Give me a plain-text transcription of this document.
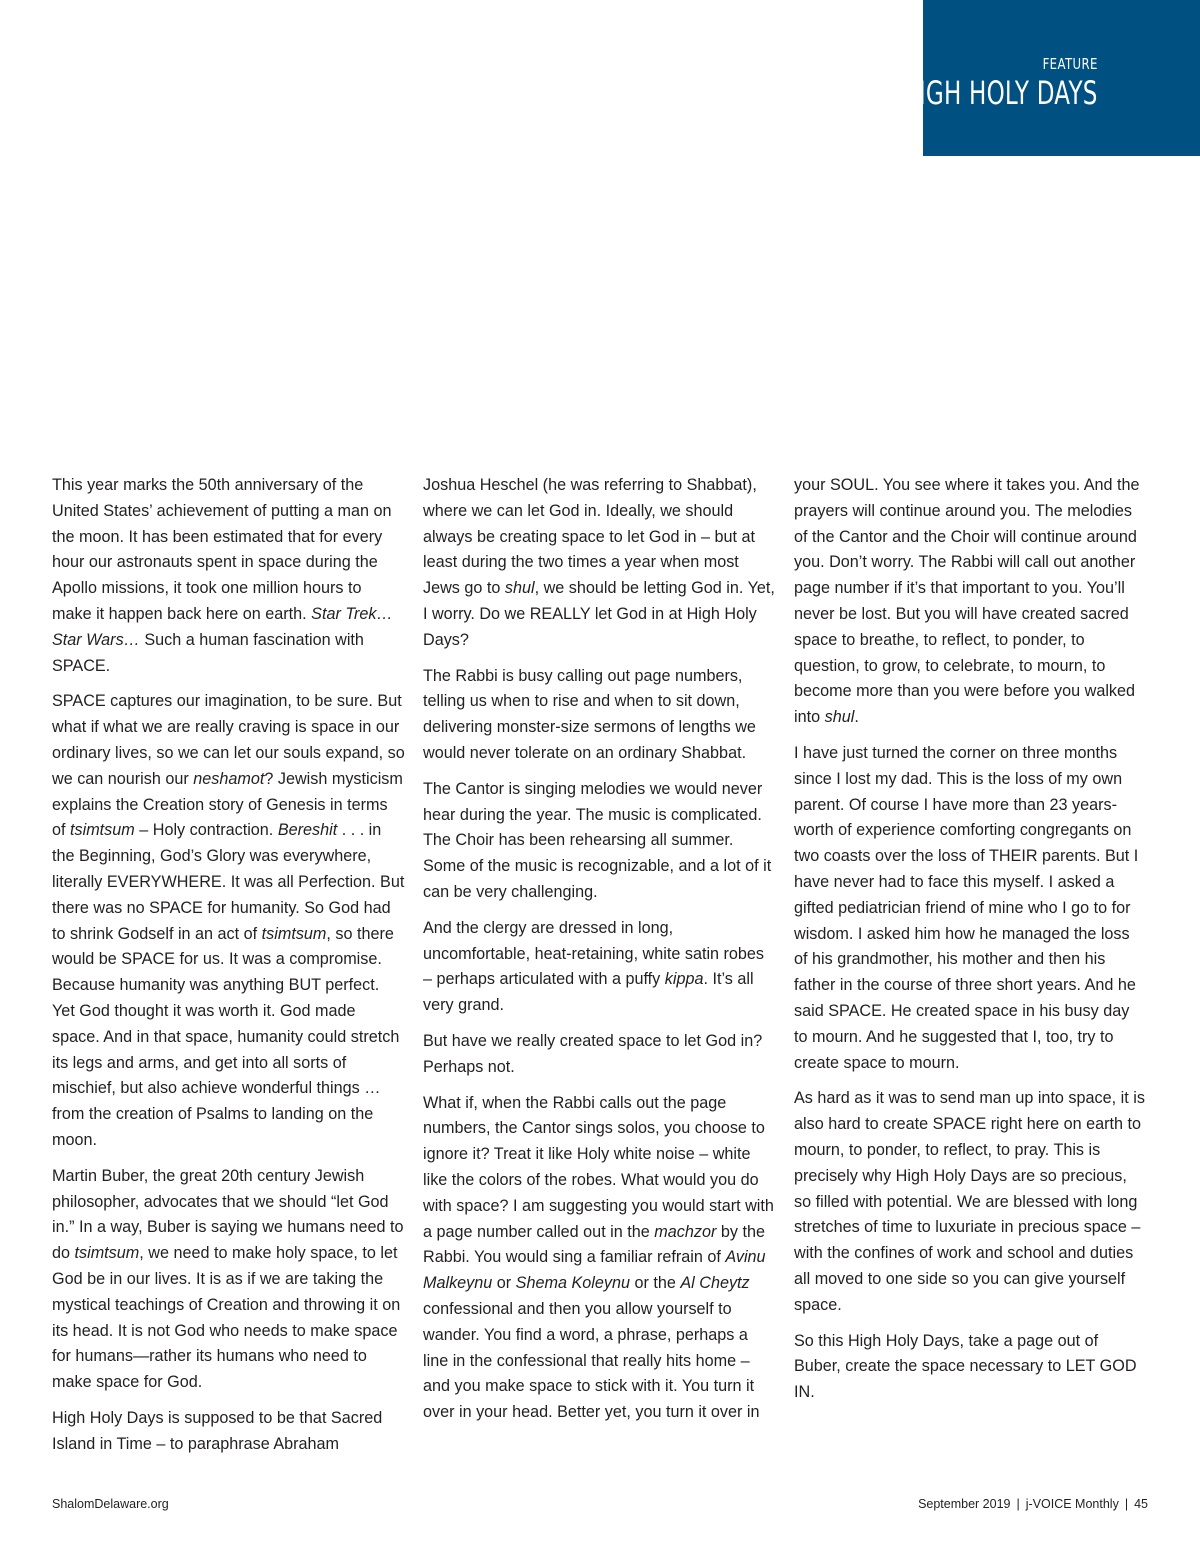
FEATURE
HIGH HOLY DAYS

This year marks the 50th anniversary of the United States’ achievement of putting a man on the moon. It has been estimated that for every hour our astronauts spent in space during the Apollo missions, it took one million hours to make it happen back here on earth. Star Trek… Star Wars… Such a human fascination with SPACE.

SPACE captures our imagination, to be sure. But what if what we are really craving is space in our ordinary lives, so we can let our souls expand, so we can nourish our neshamot? Jewish mysticism explains the Creation story of Genesis in terms of tsimtsum – Holy contraction. Bereshit . . . in the Beginning, God’s Glory was everywhere, literally EVERYWHERE. It was all Perfection. But there was no SPACE for humanity. So God had to shrink Godself in an act of tsimtsum, so there would be SPACE for us. It was a compromise. Because humanity was anything BUT perfect. Yet God thought it was worth it. God made space. And in that space, humanity could stretch its legs and arms, and get into all sorts of mischief, but also achieve wonderful things …from the creation of Psalms to landing on the moon.

Martin Buber, the great 20th century Jewish philosopher, advocates that we should “let God in.” In a way, Buber is saying we humans need to do tsimtsum, we need to make holy space, to let God be in our lives. It is as if we are taking the mystical teachings of Creation and throwing it on its head. It is not God who needs to make space for humans—rather its humans who need to make space for God.

High Holy Days is supposed to be that Sacred Island in Time – to paraphrase Abraham

Joshua Heschel (he was referring to Shabbat), where we can let God in. Ideally, we should always be creating space to let God in – but at least during the two times a year when most Jews go to shul, we should be letting God in. Yet, I worry. Do we REALLY let God in at High Holy Days?

The Rabbi is busy calling out page numbers, telling us when to rise and when to sit down, delivering monster-size sermons of lengths we would never tolerate on an ordinary Shabbat.

The Cantor is singing melodies we would never hear during the year. The music is complicated. The Choir has been rehearsing all summer. Some of the music is recognizable, and a lot of it can be very challenging.

And the clergy are dressed in long, uncomfortable, heat-retaining, white satin robes – perhaps articulated with a puffy kippa. It’s all very grand.

But have we really created space to let God in? Perhaps not.

What if, when the Rabbi calls out the page numbers, the Cantor sings solos, you choose to ignore it? Treat it like Holy white noise – white like the colors of the robes. What would you do with space? I am suggesting you would start with a page number called out in the machzor by the Rabbi. You would sing a familiar refrain of Avinu Malkeynu or Shema Koleynu or the Al Cheytz confessional and then you allow yourself to wander. You find a word, a phrase, perhaps a line in the confessional that really hits home – and you make space to stick with it. You turn it over in your head. Better yet, you turn it over in

your SOUL. You see where it takes you. And the prayers will continue around you. The melodies of the Cantor and the Choir will continue around you. Don’t worry. The Rabbi will call out another page number if it’s that important to you. You’ll never be lost. But you will have created sacred space to breathe, to reflect, to ponder, to question, to grow, to celebrate, to mourn, to become more than you were before you walked into shul.

I have just turned the corner on three months since I lost my dad. This is the loss of my own parent. Of course I have more than 23 years-worth of experience comforting congregants on two coasts over the loss of THEIR parents. But I have never had to face this myself. I asked a gifted pediatrician friend of mine who I go to for wisdom. I asked him how he managed the loss of his grandmother, his mother and then his father in the course of three short years. And he said SPACE. He created space in his busy day to mourn. And he suggested that I, too, try to create space to mourn.

As hard as it was to send man up into space, it is also hard to create SPACE right here on earth to mourn, to ponder, to reflect, to pray. This is precisely why High Holy Days are so precious, so filled with potential. We are blessed with long stretches of time to luxuriate in precious space – with the confines of work and school and duties all moved to one side so you can give yourself space.

So this High Holy Days, take a page out of Buber, create the space necessary to LET GOD IN.

ShalomDelaware.org	September 2019 | j-VOICE Monthly | 45
